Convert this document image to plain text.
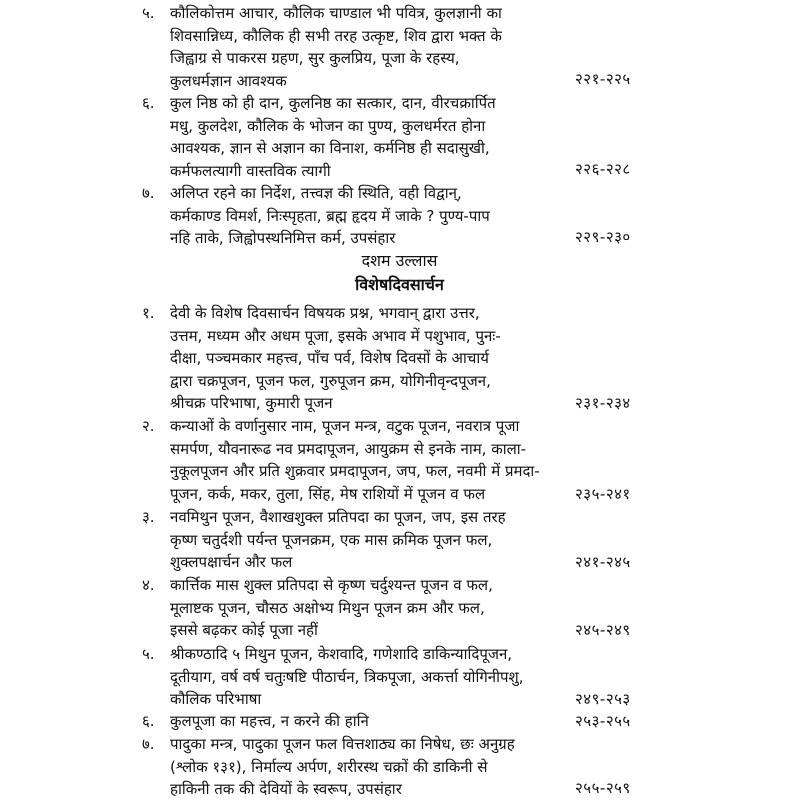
५. कौलिकोत्तम आचार, कौलिक चाण्डाल भी पवित्र, कुलज्ञानी का
शिवसान्निध्य, कौलिक ही सभी तरह उत्कृष्ट, शिव द्वारा भक्त के
जिह्वाग्र से पाकरस ग्रहण, सुर कुलप्रिय, पूजा के रहस्य,
कुलधर्मज्ञान आवश्यक	२२१-२२५
६. कुल निष्ठ को ही दान, कुलनिष्ठ का सत्कार, दान, वीरचक्रार्पित
मधु, कुलदेश, कौलिक के भोजन का पुण्य, कुलधर्मरत होना
आवश्यक, ज्ञान से अज्ञान का विनाश, कर्मनिष्ठ ही सदासुखी,
कर्मफलत्यागी वास्तविक त्यागी	२२६-२२८
७. अलिप्त रहने का निर्देश, तत्त्वज्ञ की स्थिति, वही विद्वान्,
कर्मकाण्ड विमर्श, निःस्पृहता, ब्रह्म हृदय में जाके ? पुण्य-पाप
नहि ताके, जिह्वोपस्थनिमित्त कर्म, उपसंहार	२२९-२३०
दशम उल्लास
विशेषदिवसार्चन
१. देवी के विशेष दिवसार्चन विषयक प्रश्न, भगवान् द्वारा उत्तर,
उत्तम, मध्यम और अधम पूजा, इसके अभाव में पशुभाव, पुनः-
दीक्षा, पञ्चमकार महत्त्व, पाँच पर्व, विशेष दिवसों के आचार्य
द्वारा चक्रपूजन, पूजन फल, गुरुपूजन क्रम, योगिनीवृन्दपूजन,
श्रीचक्र परिभाषा, कुमारी पूजन	२३१-२३४
२. कन्याओं के वर्णानुसार नाम, पूजन मन्त्र, वटुक पूजन, नवरात्र पूजा
समर्पण, यौवनारूढ नव प्रमदापूजन, आयुक्रम से इनके नाम, काला-
नुकूलपूजन और प्रति शुक्रवार प्रमदापूजन, जप, फल, नवमी में प्रमदा-
पूजन, कर्क, मकर, तुला, सिंह, मेष राशियों में पूजन व फल	२३५-२४१
३. नवमिथुन पूजन, वैशाखशुक्ल प्रतिपदा का पूजन, जप, इस तरह
कृष्ण चतुर्दशी पर्यन्त पूजनक्रम, एक मास क्रमिक पूजन फल,
शुक्लपक्षार्चन और फल	२४१-२४५
४. कार्त्तिक मास शुक्ल प्रतिपदा से कृष्ण चर्दुश्यन्त पूजन व फल,
मूलाष्टक पूजन, चौसठ अक्षोभ्य मिथुन पूजन क्रम और फल,
इससे बढ़कर कोई पूजा नहीं	२४५-२४९
५. श्रीकण्ठादि ५ मिथुन पूजन, केशवादि, गणेशादि डाकिन्यादिपूजन,
दूतीयाग, वर्ष वर्ष चतुःषष्टि पीठार्चन, त्रिकपूजा, अकर्त्ता योगिनीपशु,
कौलिक परिभाषा	२४९-२५३
६. कुलपूजा का महत्त्व, न करने की हानि	२५३-२५५
७. पादुका मन्त्र, पादुका पूजन फल वित्तशाठ्य का निषेध, छः अनुग्रह
(श्लोक १३१), निर्माल्य अर्पण, शरीरस्थ चक्रों की डाकिनी से
हाकिनी तक की देवियों के स्वरूप, उपसंहार	२५५-२५९
